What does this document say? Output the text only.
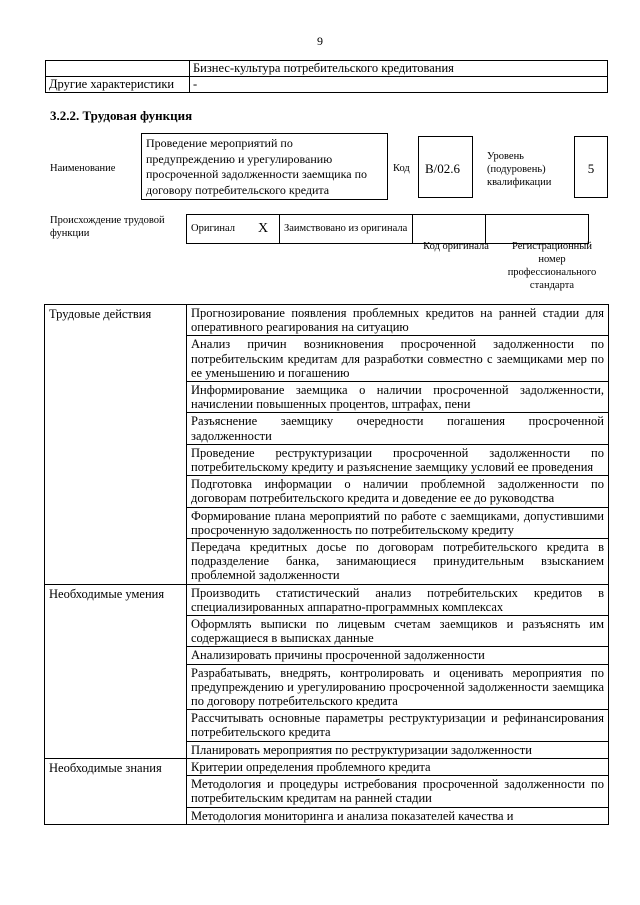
9
	Бизнес-культура потребительского кредитования
Другие характеристики	-
3.2.2. Трудовая функция
Наименование
Проведение мероприятий по предупреждению и урегулированию просроченной задолженности заемщика по договору потребительского кредита
Код B/02.6
Уровень (подуровень) квалификации
5
Происхождение трудовой функции	Оригинал	X	Заимствовано из оригинала		
Код оригинала	Регистрационный номер профессионального стандарта
Трудовые действия	Прогнозирование появления проблемных кредитов на ранней стадии для оперативного реагирования на ситуацию
	Анализ причин возникновения просроченной задолженности по потребительским кредитам для разработки совместно с заемщиками мер по ее уменьшению и погашению
	Информирование заемщика о наличии просроченной задолженности, начислении повышенных процентов, штрафах, пени
	Разъяснение заемщику очередности погашения просроченной задолженности
	Проведение реструктуризации просроченной задолженности по потребительскому кредиту и разъяснение заемщику условий ее проведения
	Подготовка информации о наличии проблемной задолженности по договорам потребительского кредита и доведение ее до руководства
	Формирование плана мероприятий по работе с заемщиками, допустившими просроченную задолженность по потребительскому кредиту
	Передача кредитных досье по договорам потребительского кредита в подразделение банка, занимающиеся принудительным взысканием проблемной задолженности
Необходимые умения	Производить статистический анализ потребительских кредитов в специализированных аппаратно-программных комплексах
	Оформлять выписки по лицевым счетам заемщиков и разъяснять им содержащиеся в выписках данные
	Анализировать причины просроченной задолженности
	Разрабатывать, внедрять, контролировать и оценивать мероприятия по предупреждению и урегулированию просроченной задолженности заемщика по договору потребительского кредита
	Рассчитывать основные параметры реструктуризации и рефинансирования потребительского кредита
	Планировать мероприятия по реструктуризации задолженности
Необходимые знания	Критерии определения проблемного кредита
	Методология и процедуры истребования просроченной задолженности по потребительским кредитам на ранней стадии
	Методология мониторинга и анализа показателей качества и
